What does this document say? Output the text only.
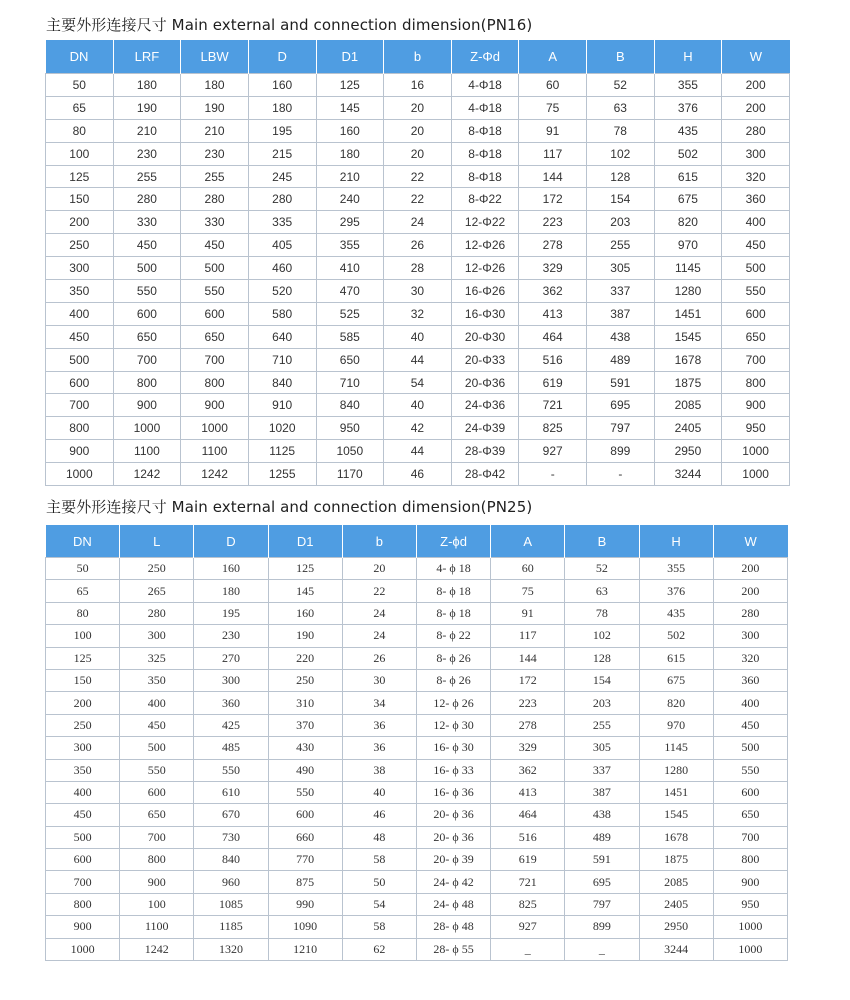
主要外形连接尺寸 Main external and connection dimension(PN16)
DN	LRF	LBW	D	D1	b	Z-Φd	A	B	H	W
50	180	180	160	125	16	4-Φ18	60	52	355	200
65	190	190	180	145	20	4-Φ18	75	63	376	200
80	210	210	195	160	20	8-Φ18	91	78	435	280
100	230	230	215	180	20	8-Φ18	117	102	502	300
125	255	255	245	210	22	8-Φ18	144	128	615	320
150	280	280	280	240	22	8-Φ22	172	154	675	360
200	330	330	335	295	24	12-Φ22	223	203	820	400
250	450	450	405	355	26	12-Φ26	278	255	970	450
300	500	500	460	410	28	12-Φ26	329	305	1145	500
350	550	550	520	470	30	16-Φ26	362	337	1280	550
400	600	600	580	525	32	16-Φ30	413	387	1451	600
450	650	650	640	585	40	20-Φ30	464	438	1545	650
500	700	700	710	650	44	20-Φ33	516	489	1678	700
600	800	800	840	710	54	20-Φ36	619	591	1875	800
700	900	900	910	840	40	24-Φ36	721	695	2085	900
800	1000	1000	1020	950	42	24-Φ39	825	797	2405	950
900	1100	1100	1125	1050	44	28-Φ39	927	899	2950	1000
1000	1242	1242	1255	1170	46	28-Φ42	-	-	3244	1000
主要外形连接尺寸 Main external and connection dimension(PN25)
DN	L	D	D1	b	Z-ϕd	A	B	H	W
50	250	160	125	20	4- ϕ 18	60	52	355	200
65	265	180	145	22	8- ϕ 18	75	63	376	200
80	280	195	160	24	8- ϕ 18	91	78	435	280
100	300	230	190	24	8- ϕ 22	117	102	502	300
125	325	270	220	26	8- ϕ 26	144	128	615	320
150	350	300	250	30	8- ϕ 26	172	154	675	360
200	400	360	310	34	12- ϕ 26	223	203	820	400
250	450	425	370	36	12- ϕ 30	278	255	970	450
300	500	485	430	36	16- ϕ 30	329	305	1145	500
350	550	550	490	38	16- ϕ 33	362	337	1280	550
400	600	610	550	40	16- ϕ 36	413	387	1451	600
450	650	670	600	46	20- ϕ 36	464	438	1545	650
500	700	730	660	48	20- ϕ 36	516	489	1678	700
600	800	840	770	58	20- ϕ 39	619	591	1875	800
700	900	960	875	50	24- ϕ 42	721	695	2085	900
800	100	1085	990	54	24- ϕ 48	825	797	2405	950
900	1100	1185	1090	58	28- ϕ 48	927	899	2950	1000
1000	1242	1320	1210	62	28- ϕ 55	_	_	3244	1000
